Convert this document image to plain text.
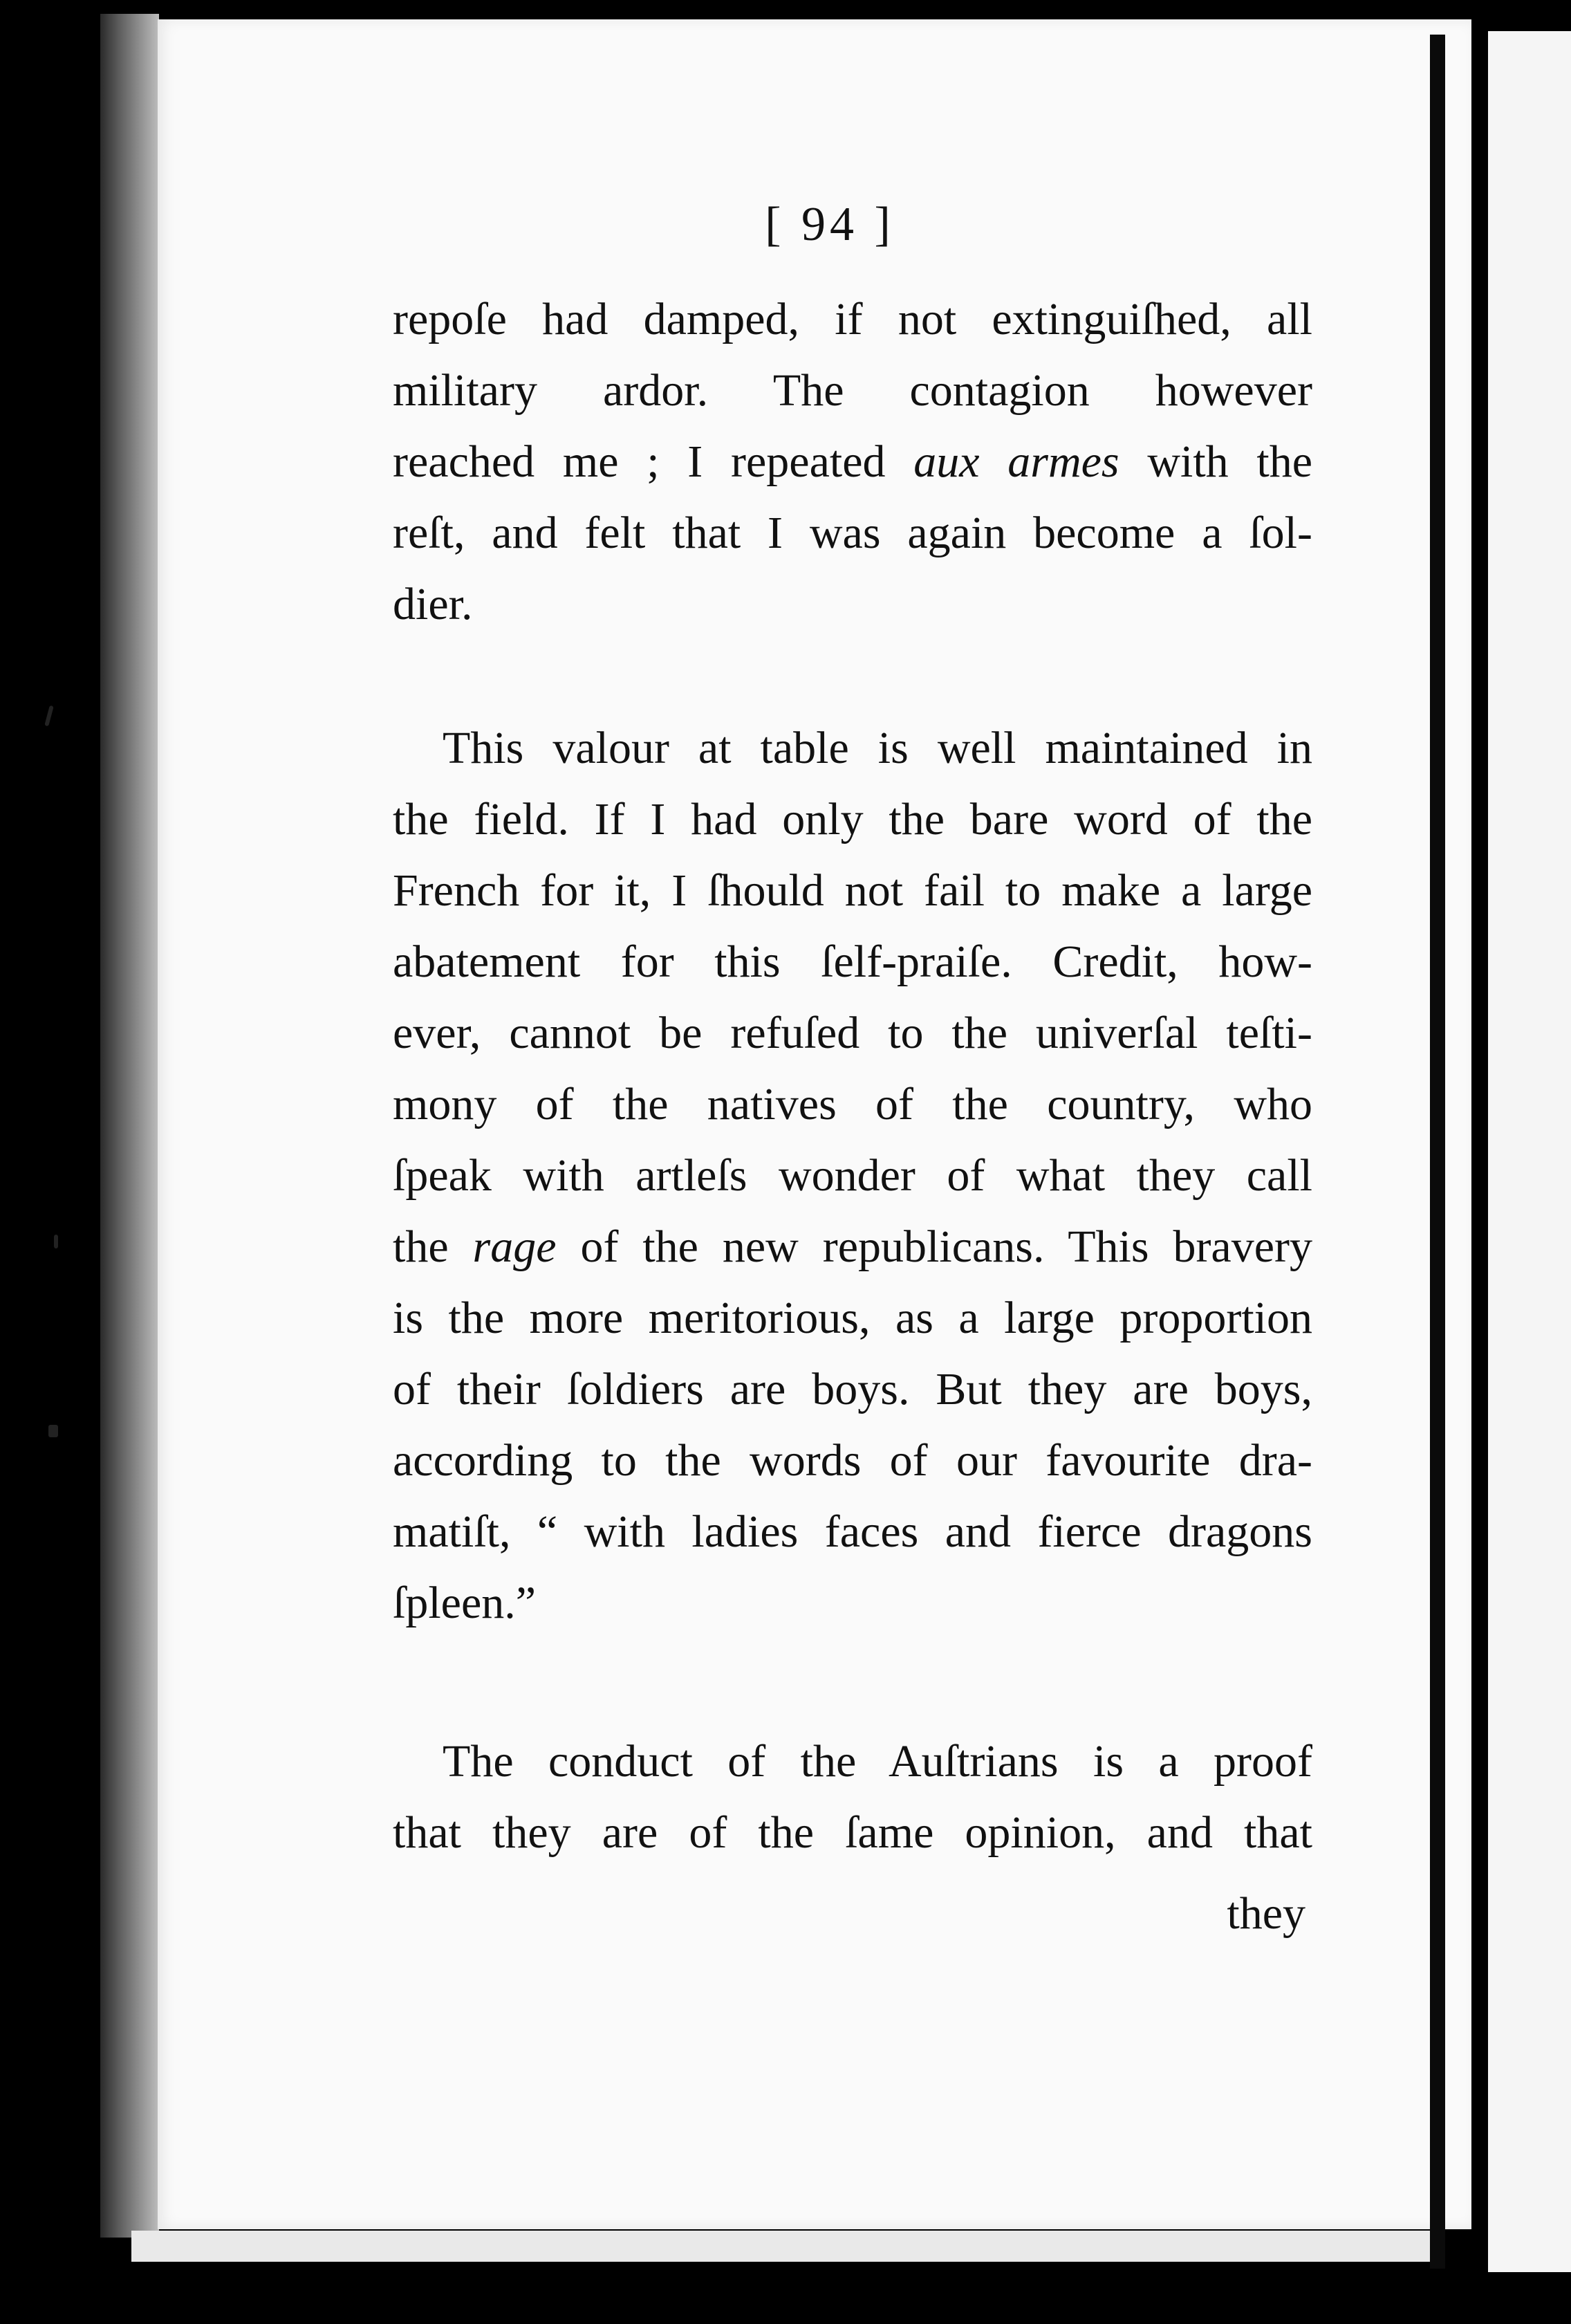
[ 94 ]
repoſe had damped, if not extinguiſhed, all
military ardor. The contagion however
reached me ; I repeated aux armes with the
reſt, and felt that I was again become a ſol-
dier.
This valour at table is well maintained in
the field. If I had only the bare word of the
French for it, I ſhould not fail to make a large
abatement for this ſelf-praiſe. Credit, how-
ever, cannot be refuſed to the univerſal teſti-
mony of the natives of the country, who
ſpeak with artleſs wonder of what they call
the rage of the new republicans. This bravery
is the more meritorious, as a large proportion
of their ſoldiers are boys. But they are boys,
according to the words of our favourite dra-
matiſt, “ with ladies faces and fierce dragons
ſpleen.”
The conduct of the Auſtrians is a proof
that they are of the ſame opinion, and that
they
